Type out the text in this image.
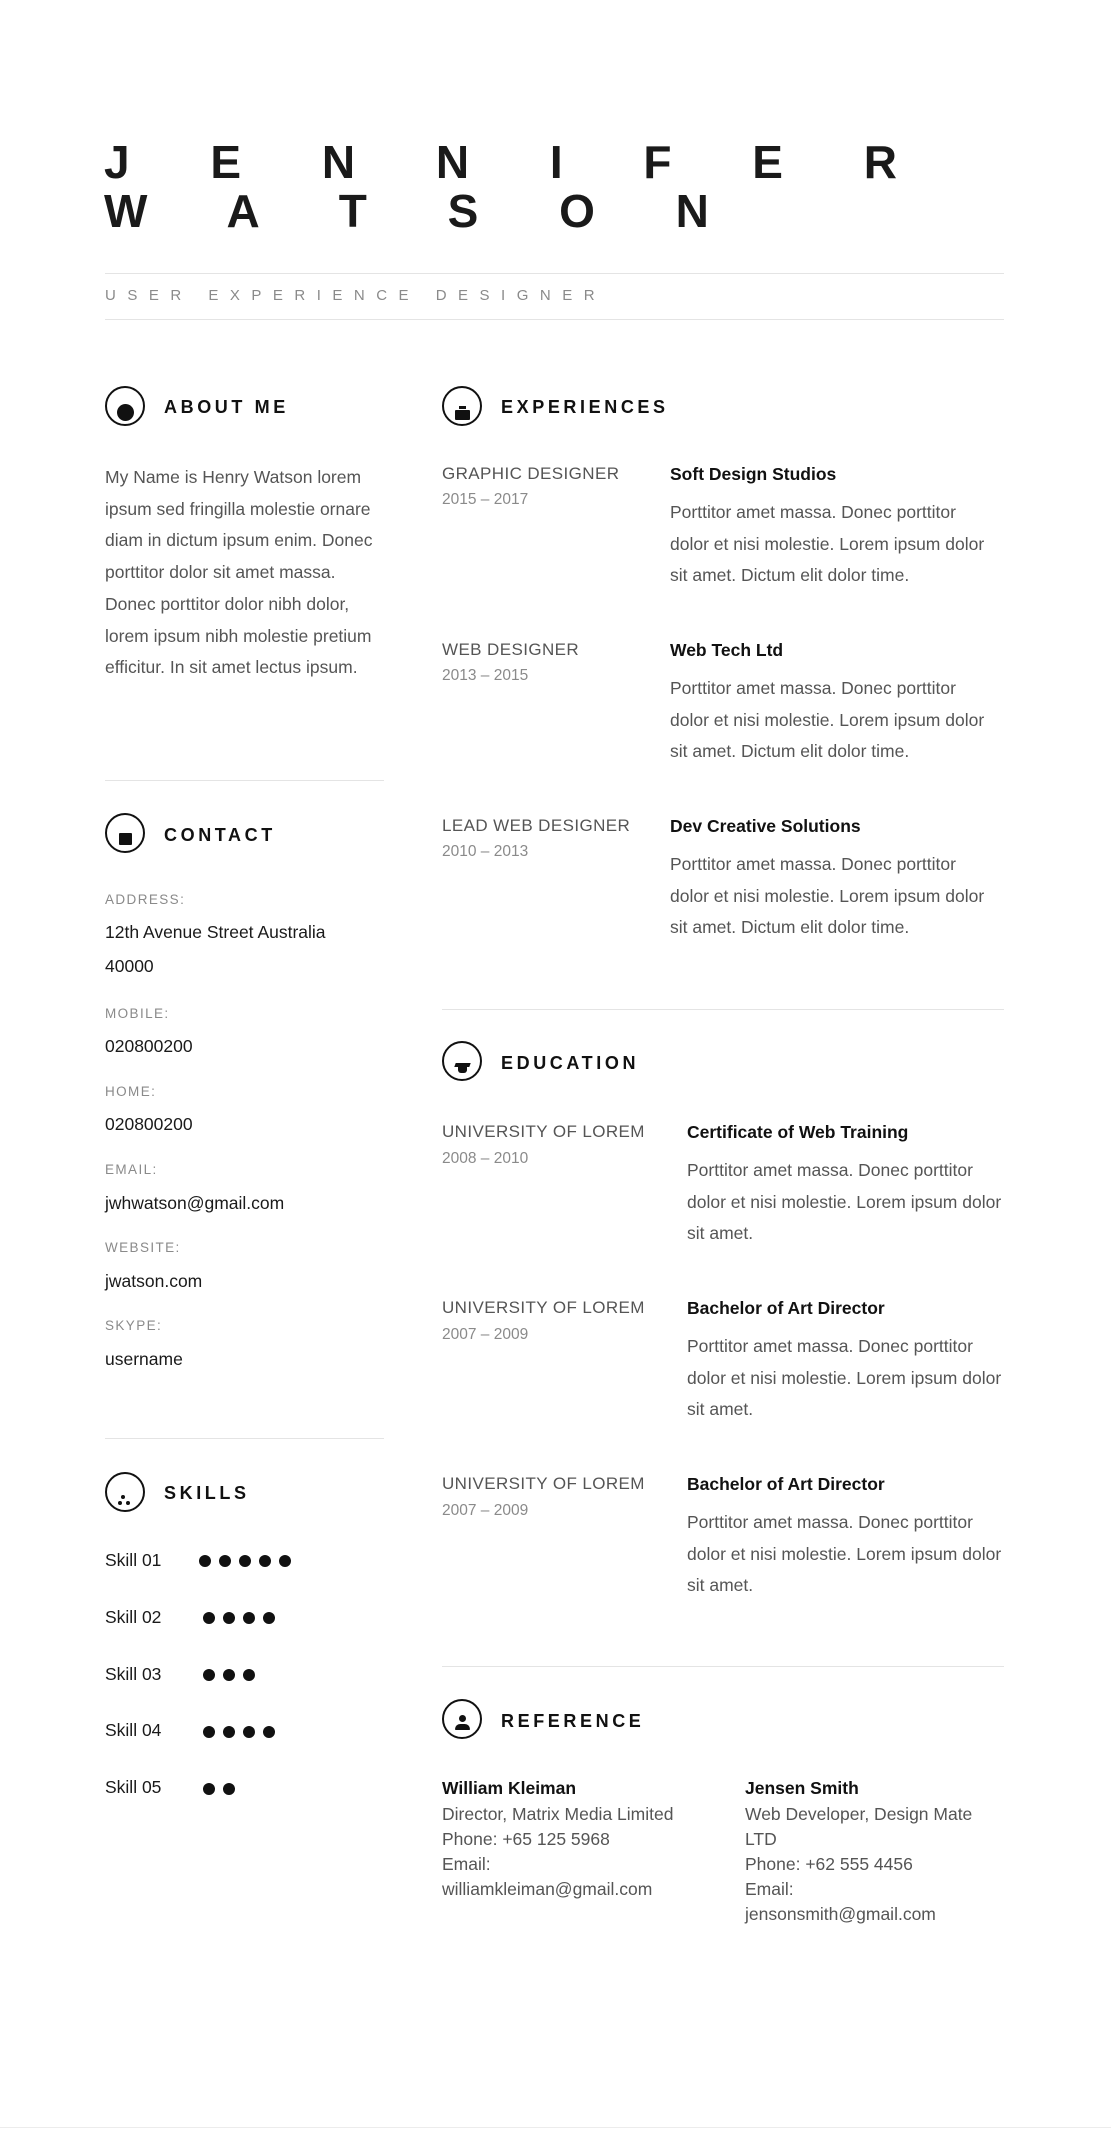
J E N N I F E R
W A T S O N
USER EXPERIENCE DESIGNER
ABOUT ME
My Name is Henry Watson lorem ipsum sed fringilla molestie ornare diam in dictum ipsum enim. Donec porttitor dolor sit amet massa. Donec porttitor dolor nibh dolor, lorem ipsum nibh molestie pretium efficitur. In sit amet lectus ipsum.
CONTACT
ADDRESS:
12th Avenue Street Australia 40000
MOBILE:
020800200
HOME:
020800200
EMAIL:
jwhwatson@gmail.com
WEBSITE:
jwatson.com
SKYPE:
username
SKILLS
Skill 01
Skill 02
Skill 03
Skill 04
Skill 05
EXPERIENCES
GRAPHIC DESIGNER
2015 – 2017
Soft Design Studios
Porttitor amet massa. Donec porttitor dolor et nisi molestie. Lorem ipsum dolor sit amet. Dictum elit dolor time.
WEB DESIGNER
2013 – 2015
Web Tech Ltd
Porttitor amet massa. Donec porttitor dolor et nisi molestie. Lorem ipsum dolor sit amet. Dictum elit dolor time.
LEAD WEB DESIGNER
2010 – 2013
Dev Creative Solutions
Porttitor amet massa. Donec porttitor dolor et nisi molestie. Lorem ipsum dolor sit amet. Dictum elit dolor time.
EDUCATION
UNIVERSITY OF LOREM
2008 – 2010
Certificate of Web Training
Porttitor amet massa. Donec porttitor dolor et nisi molestie. Lorem ipsum dolor sit amet.
UNIVERSITY OF LOREM
2007 – 2009
Bachelor of Art Director
Porttitor amet massa. Donec porttitor dolor et nisi molestie. Lorem ipsum dolor sit amet.
UNIVERSITY OF LOREM
2007 – 2009
Bachelor of Art Director
Porttitor amet massa. Donec porttitor dolor et nisi molestie. Lorem ipsum dolor sit amet.
REFERENCE
William Kleiman
Director, Matrix Media Limited
Phone: +65 125 5968
Email:
williamkleiman@gmail.com
Jensen Smith
Web Developer, Design Mate LTD
Phone: +62 555 4456
Email:
jensonsmith@gmail.com
